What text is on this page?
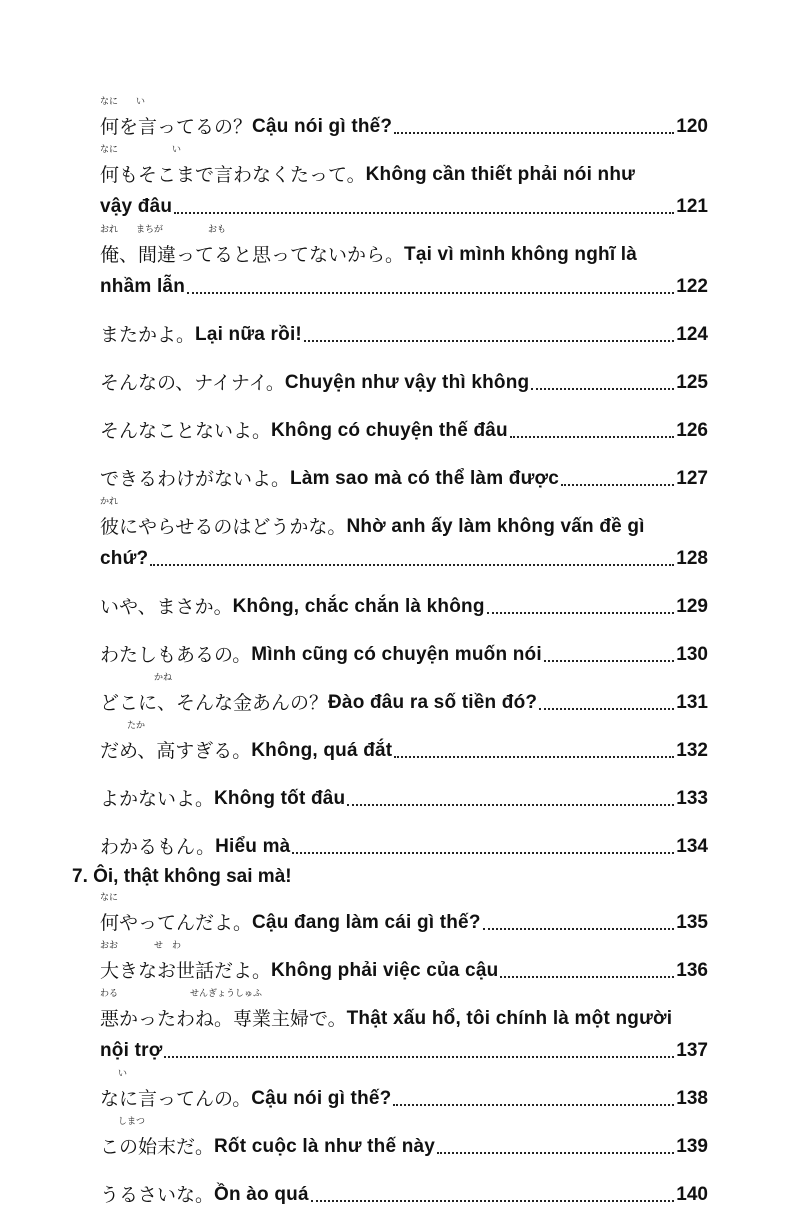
なに　　い
何を言ってるの？ Cậu nói gì thế?	120
なに　　　　　　い
何もそこまで言わなくたって。 Không cần thiết phải nói như
vậy đâu	121
おれ　　まちが　　　　　おも
俺、間違ってると思ってないから。 Tại vì mình không nghĩ là
nhầm lẫn	122
またかよ。 Lại nữa rồi!	124
そんなの、ナイナイ。 Chuyện như vậy thì không	125
そんなことないよ。 Không có chuyện thế đâu	126
できるわけがないよ。 Làm sao mà có thể làm được	127
かれ
彼にやらせるのはどうかな。 Nhờ anh ấy làm không vấn đề gì
chứ?	128
いや、まさか。 Không, chắc chắn là không	129
わたしもあるの。 Mình cũng có chuyện muốn nói	130
　　　　　　かね
どこに、そんな金あんの？ Đào đâu ra số tiền đó?	131
　　　たか
だめ、高すぎる。 Không, quá đắt	132
よかないよ。 Không tốt đâu	133
わかるもん。 Hiểu mà	134
7. Ôi, thật không sai mà!
なに
何やってんだよ。 Cậu đang làm cái gì thế?	135
おお　　　　せ　わ
大きなお世話だよ。 Không phải việc của cậu	136
わる　　　　　　　　せんぎょうしゅふ
悪かったわね。専業主婦で。 Thật xấu hổ, tôi chính là một người
nội trợ	137
　　い
なに言ってんの。 Cậu nói gì thế?	138
　　しまつ
この始末だ。 Rốt cuộc là như thế này	139
うるさいな。 Ồn ào quá	140
